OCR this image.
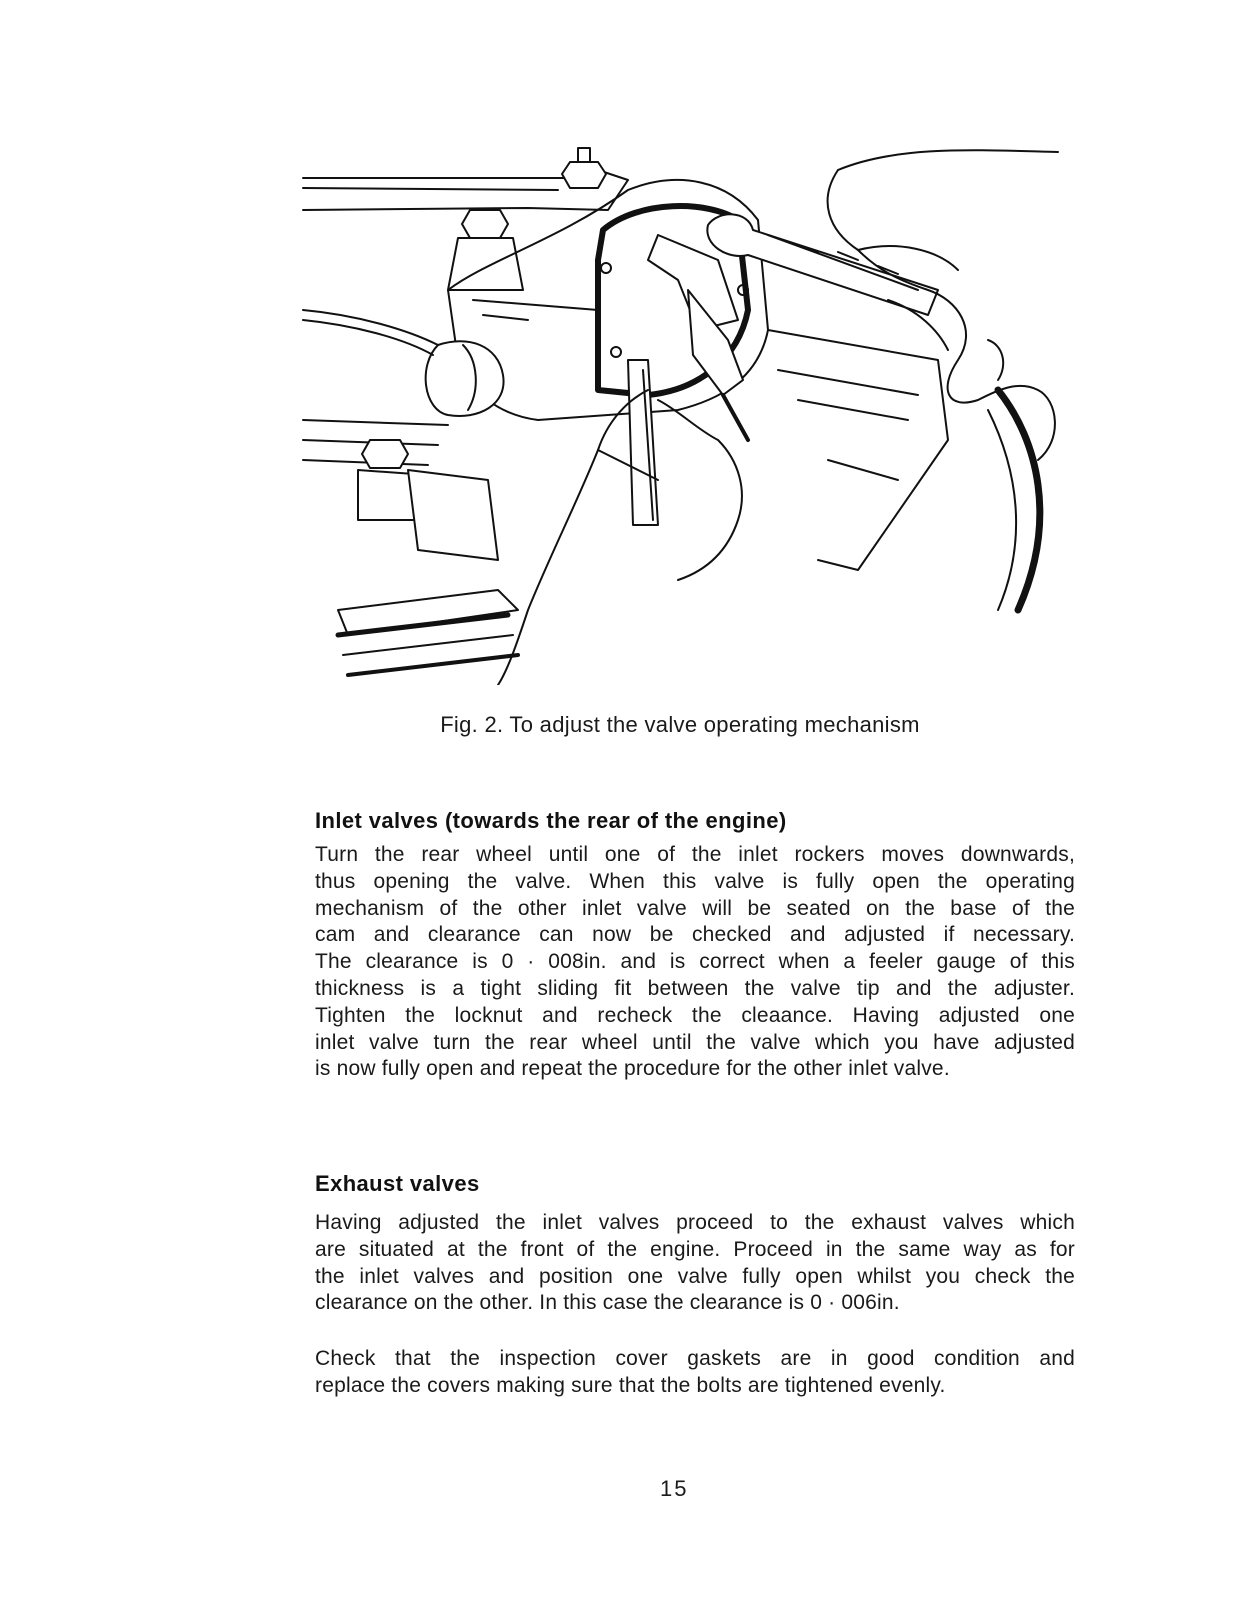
Fig. 2. To adjust the valve operating mechanism
Inlet valves (towards the rear of the engine)

Turn the rear wheel until one of the inlet rockers moves downwards,

thus opening the valve. When this valve is fully open the operating

mechanism of the other inlet valve will be seated on the base of the

cam and clearance can now be checked and adjusted if necessary.

The clearance is 0 · 008in. and is correct when a feeler gauge of this

thickness is a tight sliding fit between the valve tip and the adjuster.

Tighten the locknut and recheck the cleaance. Having adjusted one

inlet valve turn the rear wheel until the valve which you have adjusted

is now fully open and repeat the procedure for the other inlet valve.

Exhaust valves

Having adjusted the inlet valves proceed to the exhaust valves which

are situated at the front of the engine. Proceed in the same way as for

the inlet valves and position one valve fully open whilst you check the

clearance on the other. In this case the clearance is 0 · 006in.

Check that the inspection cover gaskets are in good condition and

replace the covers making sure that the bolts are tightened evenly.

15
